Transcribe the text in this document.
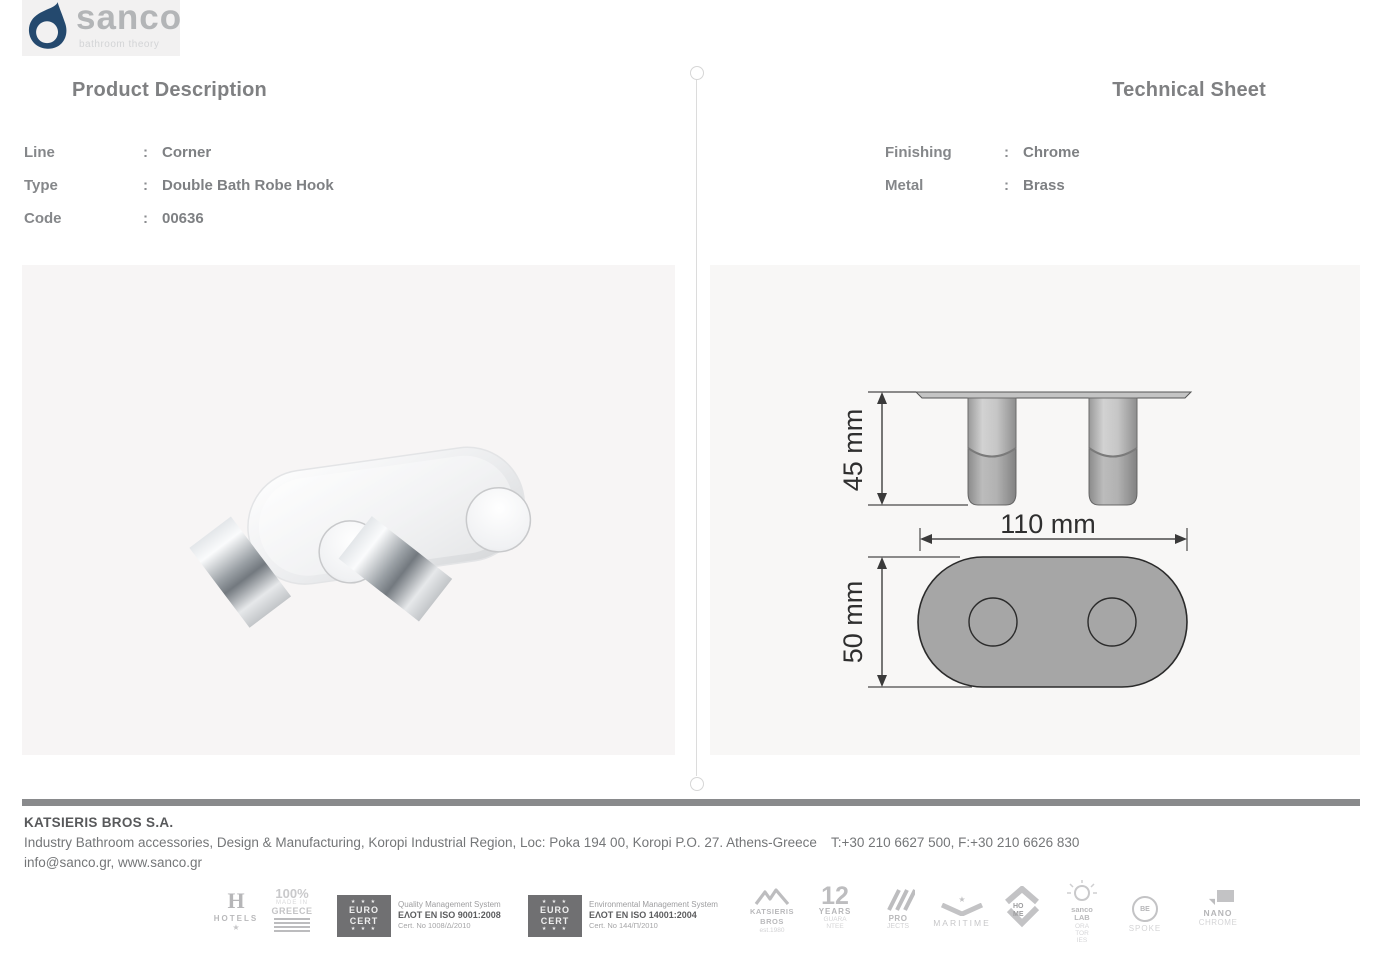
sanco
bathroom theory
Product Description	Technical Sheet
Line	: Corner
Type	: Double Bath Robe Hook
Code	: 00636
Finishing	: Chrome
Metal	: Brass
45 mm
110 mm
50 mm
KATSIERIS BROS S.A.
Industry Bathroom accessories, Design & Manufacturing, Koropi Industrial Region, Loc: Poka 194 00, Koropi P.O. 27. Athens-Greece T:+30 210 6627 500, F:+30 210 6626 830
info@sanco.gr, www.sanco.gr
H
HOTELS
★
100%
MADE IN
GREECE
★ ★ ★
EURO
CERT
★ ★ ★
Quality Management System
ΕΛΟΤ EN ISO 9001:2008
Cert. No 1008/Δ/2010
★ ★ ★
EURO
CERT
★ ★ ★
Environmental Management System
ΕΛΟΤ EN ISO 14001:2004
Cert. No 144/Π/2010
KATSIERIS
BROS
est.1980
12
YEARS
GUARA
NTEE
PRO
JECTS
★
MARITIME
HO
ME
sanco
LAB
ORA
TOR
IES
BE
SPOKE
◥
NANO
CHROME
